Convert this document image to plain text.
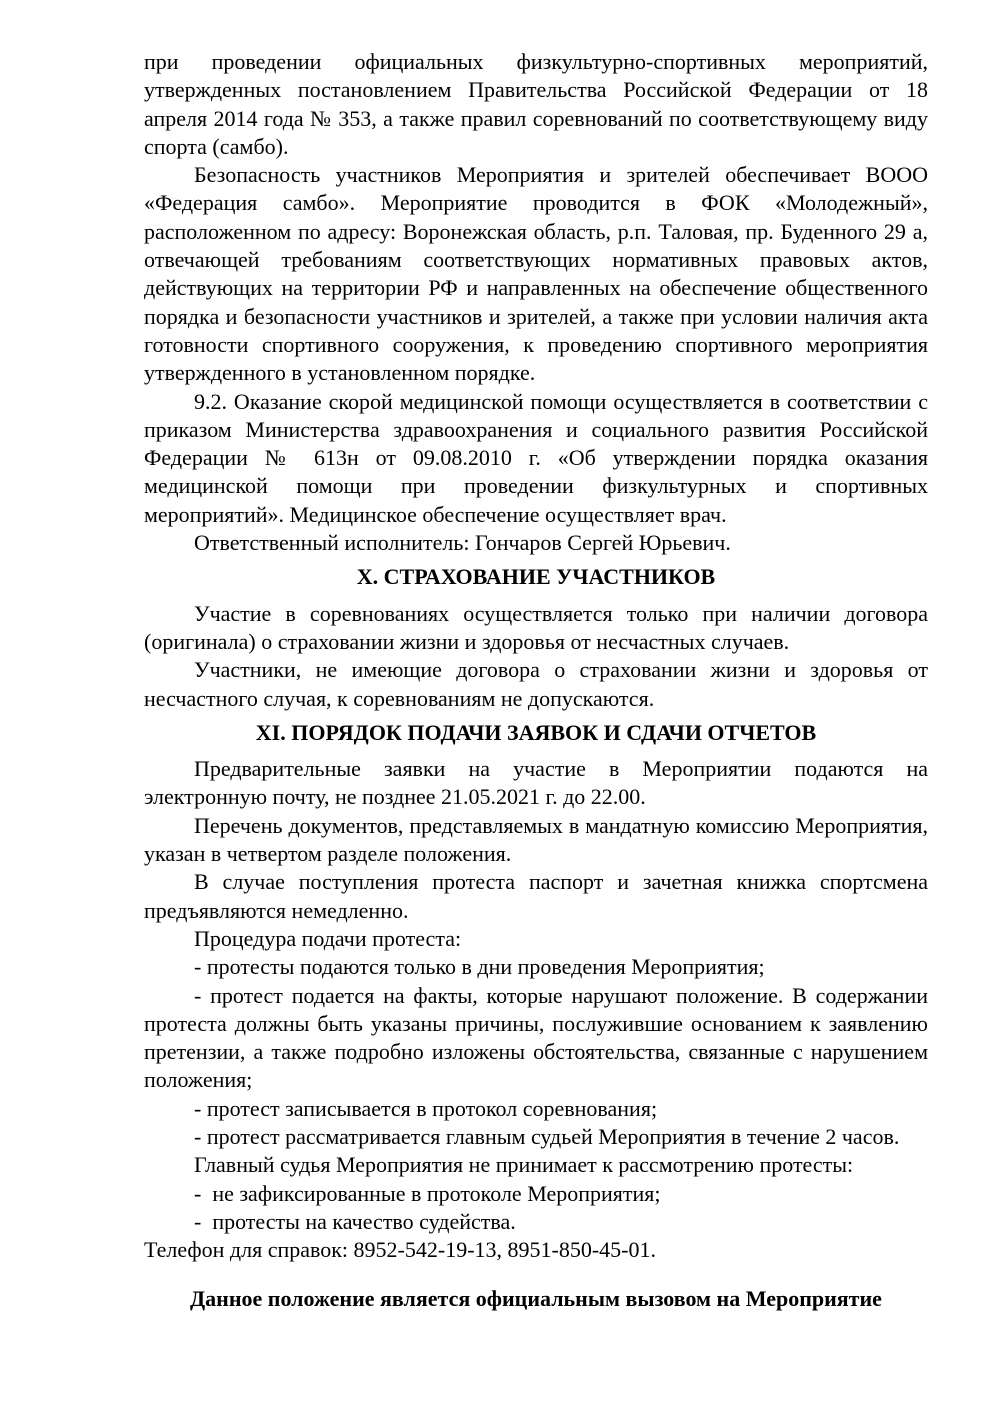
при проведении официальных физкультурно-спортивных мероприятий, утвержденных постановлением Правительства Российской Федерации от 18 апреля 2014 года № 353, а также правил соревнований по соответствующему виду спорта (самбо).

Безопасность участников Мероприятия и зрителей обеспечивает ВООО «Федерация самбо». Мероприятие проводится в ФОК «Молодежный», расположенном по адресу: Воронежская область, р.п. Таловая, пр. Буденного 29 а, отвечающей требованиям соответствующих нормативных правовых актов, действующих на территории РФ и направленных на обеспечение общественного порядка и безопасности участников и зрителей, а также при условии наличия акта готовности спортивного сооружения, к проведению спортивного мероприятия утвержденного в установленном порядке.

9.2. Оказание скорой медицинской помощи осуществляется в соответствии с приказом Министерства здравоохранения и социального развития Российской Федерации № 613н от 09.08.2010 г. «Об утверждении порядка оказания медицинской помощи при проведении физкультурных и спортивных мероприятий». Медицинское обеспечение осуществляет врач.

Ответственный исполнитель: Гончаров Сергей Юрьевич.

X. СТРАХОВАНИЕ УЧАСТНИКОВ

Участие в соревнованиях осуществляется только при наличии договора (оригинала) о страховании жизни и здоровья от несчастных случаев.

Участники, не имеющие договора о страховании жизни и здоровья от несчастного случая, к соревнованиям не допускаются.

XI. ПОРЯДОК ПОДАЧИ ЗАЯВОК И СДАЧИ ОТЧЕТОВ

Предварительные заявки на участие в Мероприятии подаются на электронную почту, не позднее 21.05.2021 г. до 22.00.

Перечень документов, представляемых в мандатную комиссию Мероприятия, указан в четвертом разделе положения.

В случае поступления протеста паспорт и зачетная книжка спортсмена предъявляются немедленно.

Процедура подачи протеста:

- протесты подаются только в дни проведения Мероприятия;

- протест подается на факты, которые нарушают положение. В содержании протеста должны быть указаны причины, послужившие основанием к заявлению претензии, а также подробно изложены обстоятельства, связанные с нарушением положения;

- протест записывается в протокол соревнования;

- протест рассматривается главным судьей Мероприятия в течение 2 часов.

Главный судья Мероприятия не принимает к рассмотрению протесты:

-  не зафиксированные в протоколе Мероприятия;

-  протесты на качество судейства.

Телефон для справок: 8952-542-19-13, 8951-850-45-01.

Данное положение является официальным вызовом на Мероприятие
